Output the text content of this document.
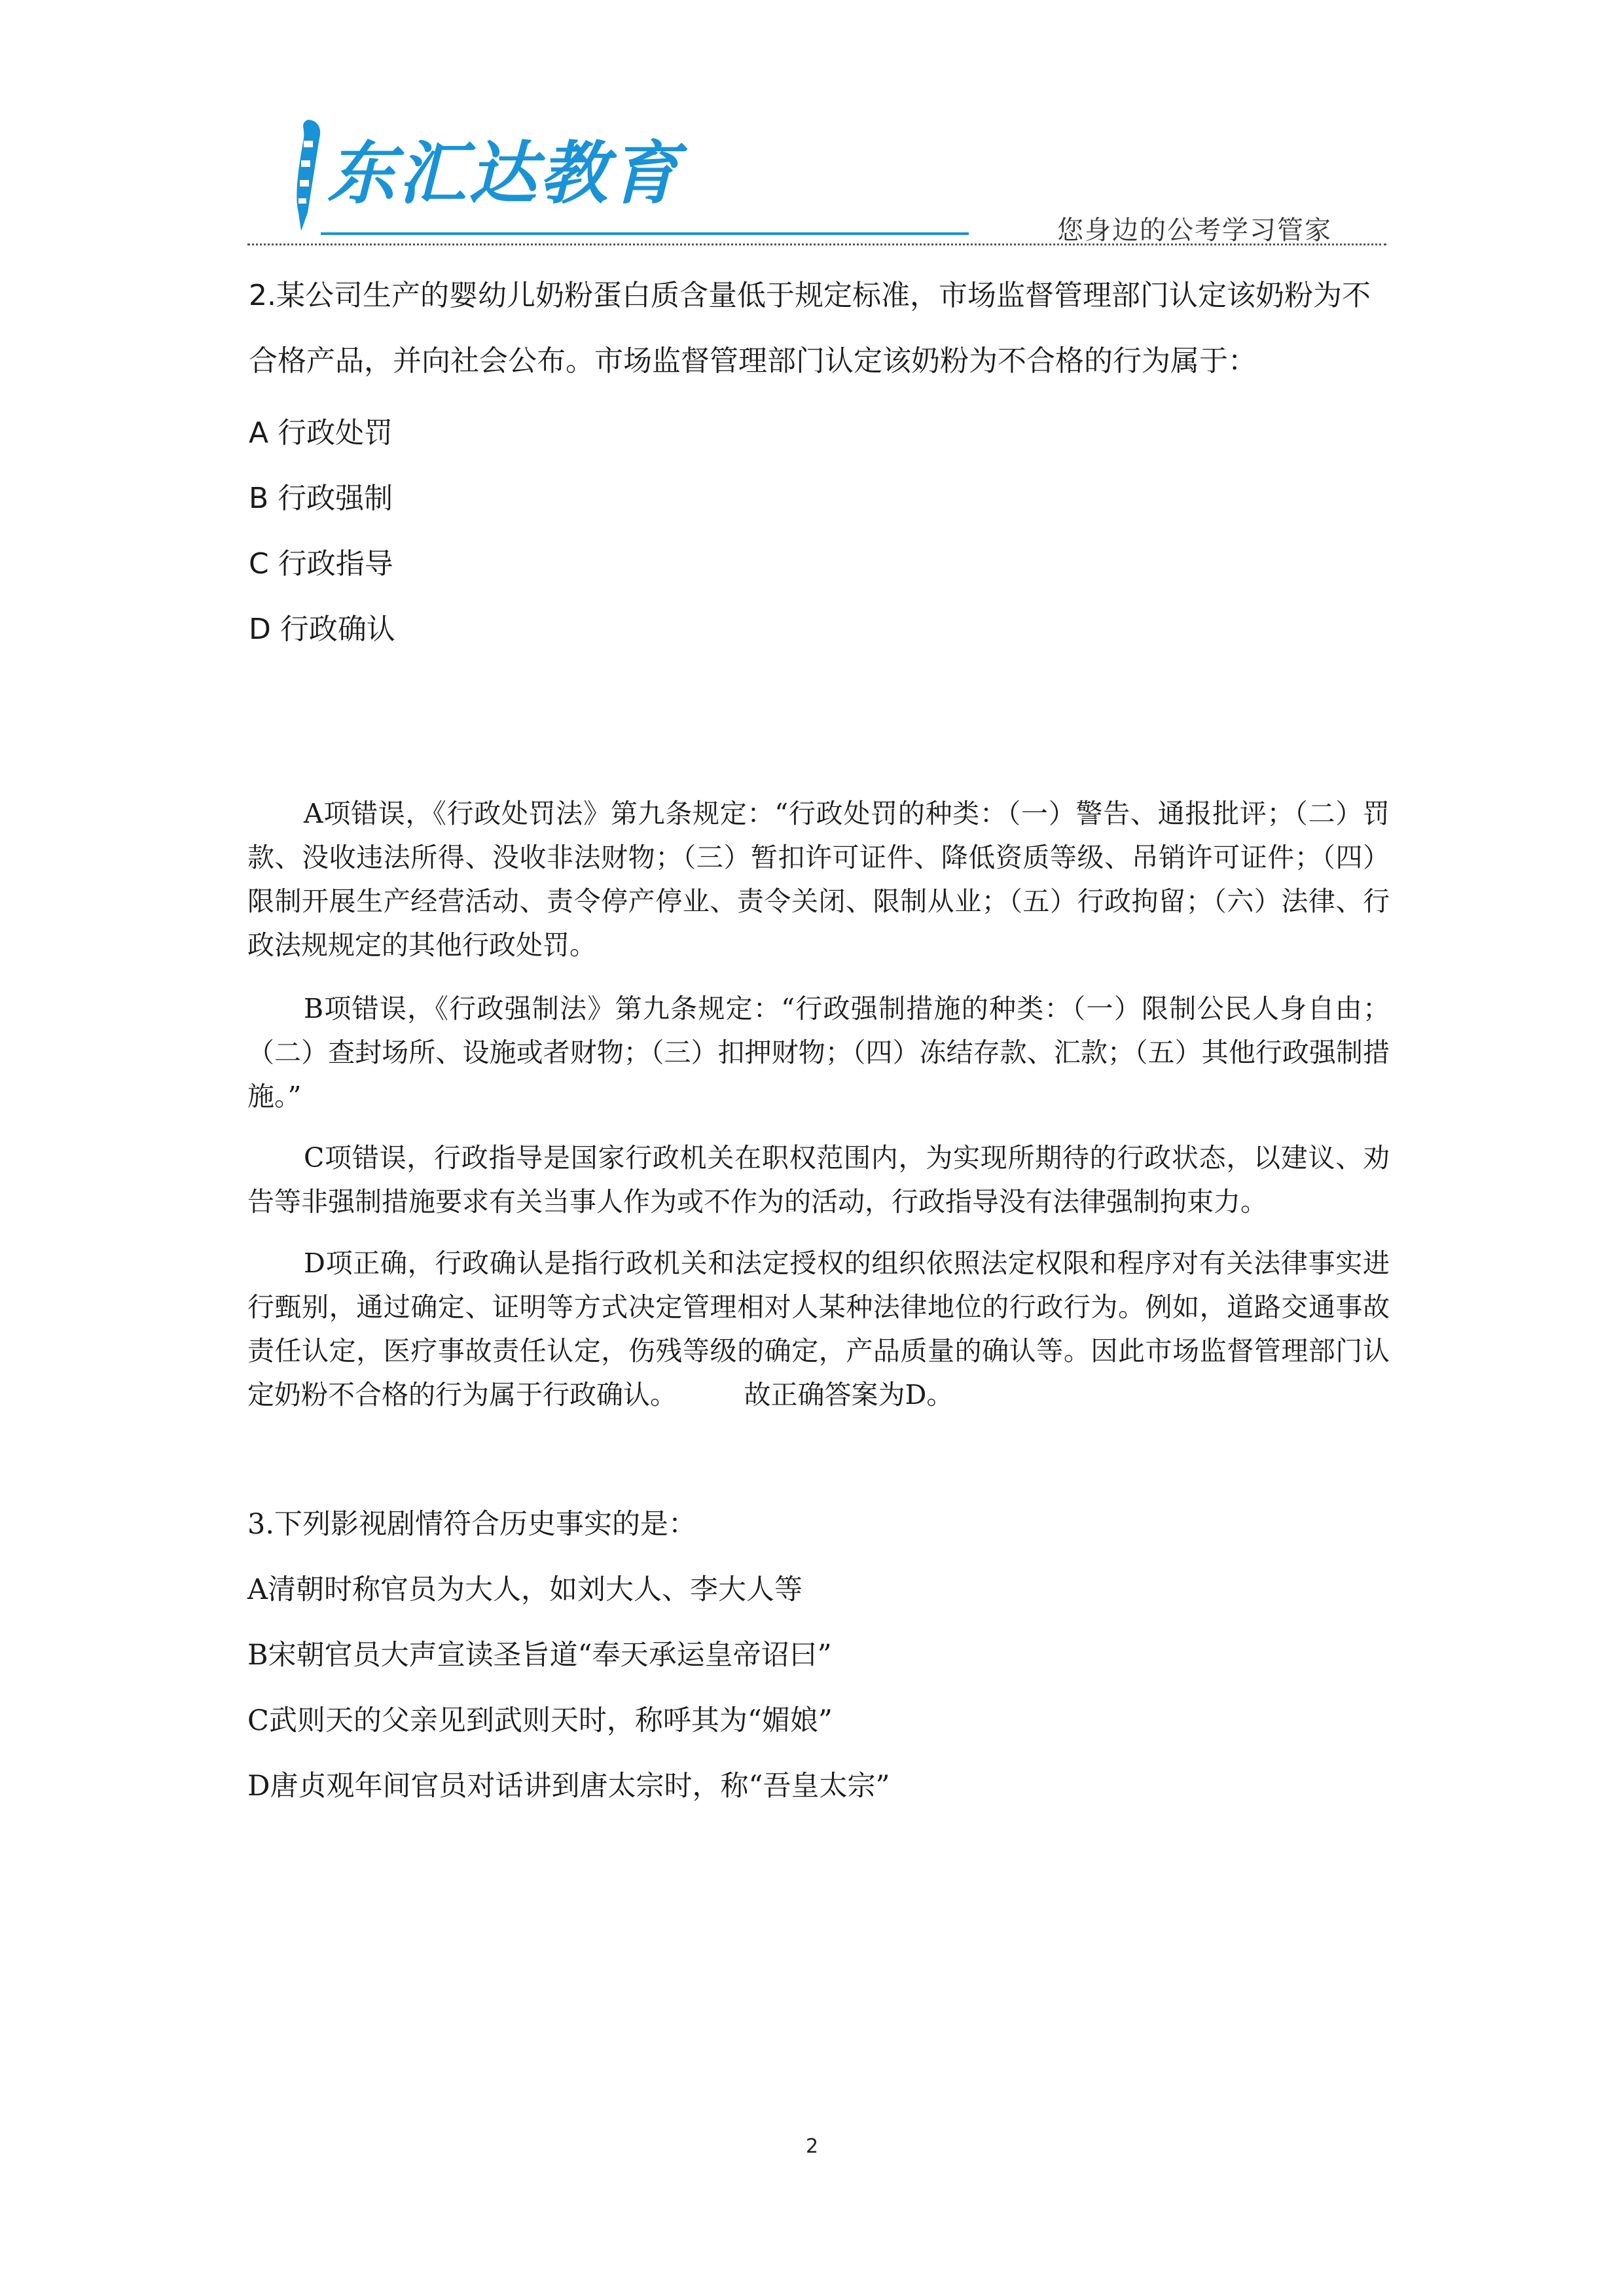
东汇达教育
您身边的公考学习管家
2.某公司生产的婴幼儿奶粉蛋白质含量低于规定标准，市场监督管理部门认定该奶粉为不合格产品，并向社会公布。市场监督管理部门认定该奶粉为不合格的行为属于：
A 行政处罚
B 行政强制
C 行政指导
D 行政确认
A项错误，《行政处罚法》第九条规定：“行政处罚的种类：（一）警告、通报批评；（二）罚款、没收违法所得、没收非法财物；（三）暂扣许可证件、降低资质等级、吊销许可证件；（四）限制开展生产经营活动、责令停产停业、责令关闭、限制从业；（五）行政拘留；（六）法律、行政法规规定的其他行政处罚。
B项错误，《行政强制法》第九条规定：“行政强制措施的种类：（一）限制公民人身自由；（二）查封场所、设施或者财物；（三）扣押财物；（四）冻结存款、汇款；（五）其他行政强制措施。”
C项错误，行政指导是国家行政机关在职权范围内，为实现所期待的行政状态，以建议、劝告等非强制措施要求有关当事人作为或不作为的活动，行政指导没有法律强制拘束力。
D项正确，行政确认是指行政机关和法定授权的组织依照法定权限和程序对有关法律事实进行甄别，通过确定、证明等方式决定管理相对人某种法律地位的行政行为。例如，道路交通事故责任认定，医疗事故责任认定，伤残等级的确定，产品质量的确认等。因此市场监督管理部门认定奶粉不合格的行为属于行政确认。　　　故正确答案为D。
3.下列影视剧情符合历史事实的是：
A清朝时称官员为大人，如刘大人、李大人等
B宋朝官员大声宣读圣旨道“奉天承运皇帝诏曰”
C武则天的父亲见到武则天时，称呼其为“媚娘”
D唐贞观年间官员对话讲到唐太宗时，称“吾皇太宗”
2
